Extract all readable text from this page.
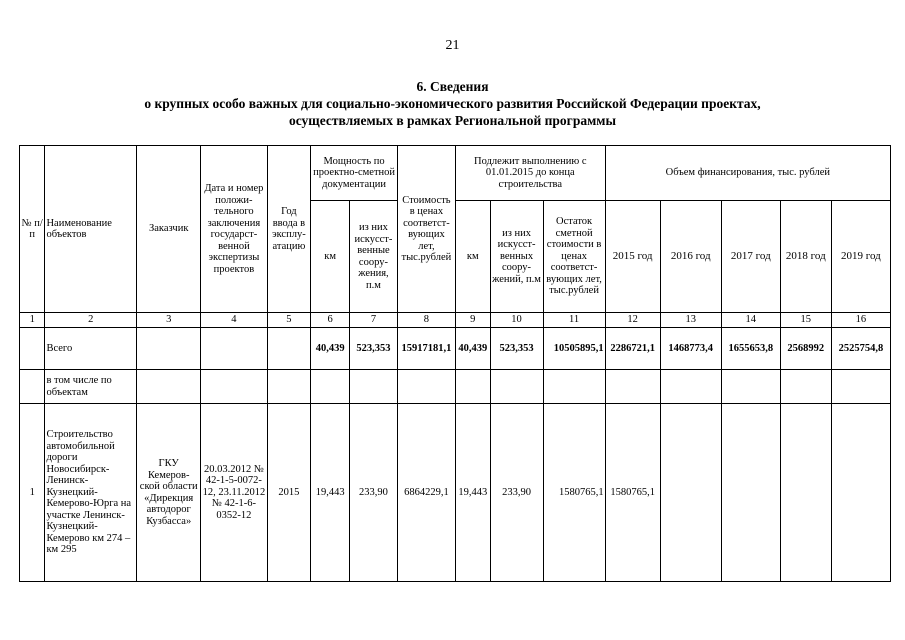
21
6. Сведения
о крупных особо важных для социально-экономического развития Российской Федерации проектах,
осуществляемых в рамках Региональной программы
№ п/п	Наименование объектов	Заказчик	Дата и номер положи-тельного заключения государст-венной экспертизы проектов	Год ввода в эксплу-атацию	Мощность по проектно-сметной документации		Стоимость в ценах соответст-вующих лет, тыс.рублей	Подлежит выполнению с 01.01.2015 до конца строительства			Объем финансирования, тыс. рублей				
					км	из них искусст-венные соору-жения, п.м		км	из них искусст-венных соору-жений, п.м	Остаток сметной стоимости в ценах соответст-вующих лет, тыс.рублей	2015 год	2016 год	2017 год	2018 год	2019 год
1	2	3	4	5	6	7	8	9	10	11	12	13	14	15	16
	Всего				40,439	523,353	15917181,1	40,439	523,353	10505895,1	2286721,1	1468773,4	1655653,8	2568992	2525754,8
	в том числе по объектам														
1	Строительство автомобильной дороги Новосибирск-Ленинск-Кузнецкий-Кемерово-Юрга на участке Ленинск-Кузнецкий-Кемерово км 274 – км 295	ГКУ Кемеров-ской области «Дирекция автодорог Кузбасса»	20.03.2012 № 42-1-5-0072-12, 23.11.2012 № 42-1-6-0352-12	2015	19,443	233,90	6864229,1	19,443	233,90	1580765,1	1580765,1				
